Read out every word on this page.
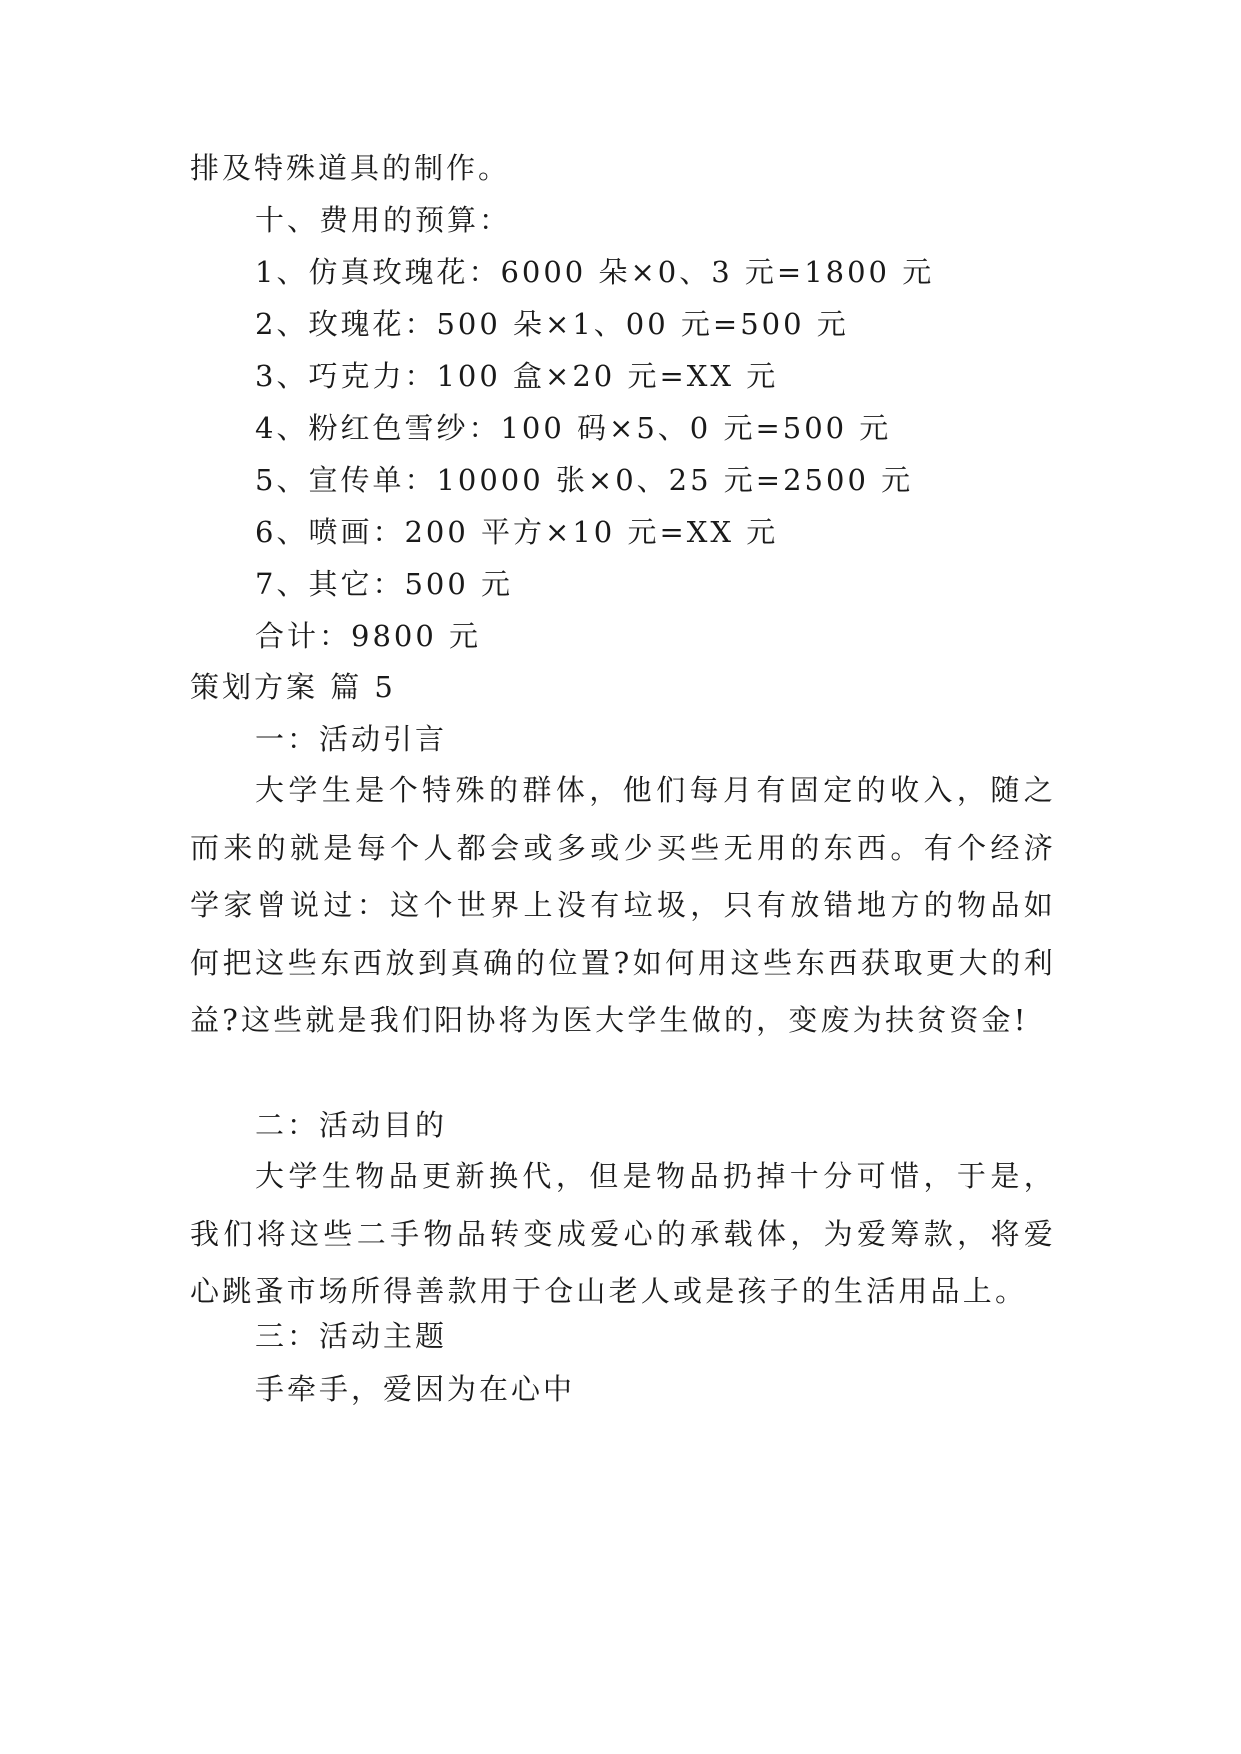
排及特殊道具的制作。
十、费用的预算：
1、仿真玫瑰花：6000 朵×0、3 元=1800 元
2、玫瑰花：500 朵×1、00 元=500 元
3、巧克力：100 盒×20 元=XX 元
4、粉红色雪纱：100 码×5、0 元=500 元
5、宣传单：10000 张×0、25 元=2500 元
6、喷画：200 平方×10 元=XX 元
7、其它：500 元
合计：9800 元
策划方案 篇 5
一：活动引言
大学生是个特殊的群体，他们每月有固定的收入，随之而来的就是每个人都会或多或少买些无用的东西。有个经济学家曾说过：这个世界上没有垃圾，只有放错地方的物品如何把这些东西放到真确的位置?如何用这些东西获取更大的利益?这些就是我们阳协将为医大学生做的，变废为扶贫资金!
二：活动目的
大学生物品更新换代，但是物品扔掉十分可惜，于是，我们将这些二手物品转变成爱心的承载体，为爱筹款，将爱心跳蚤市场所得善款用于仓山老人或是孩子的生活用品上。
三：活动主题
手牵手，爱因为在心中
